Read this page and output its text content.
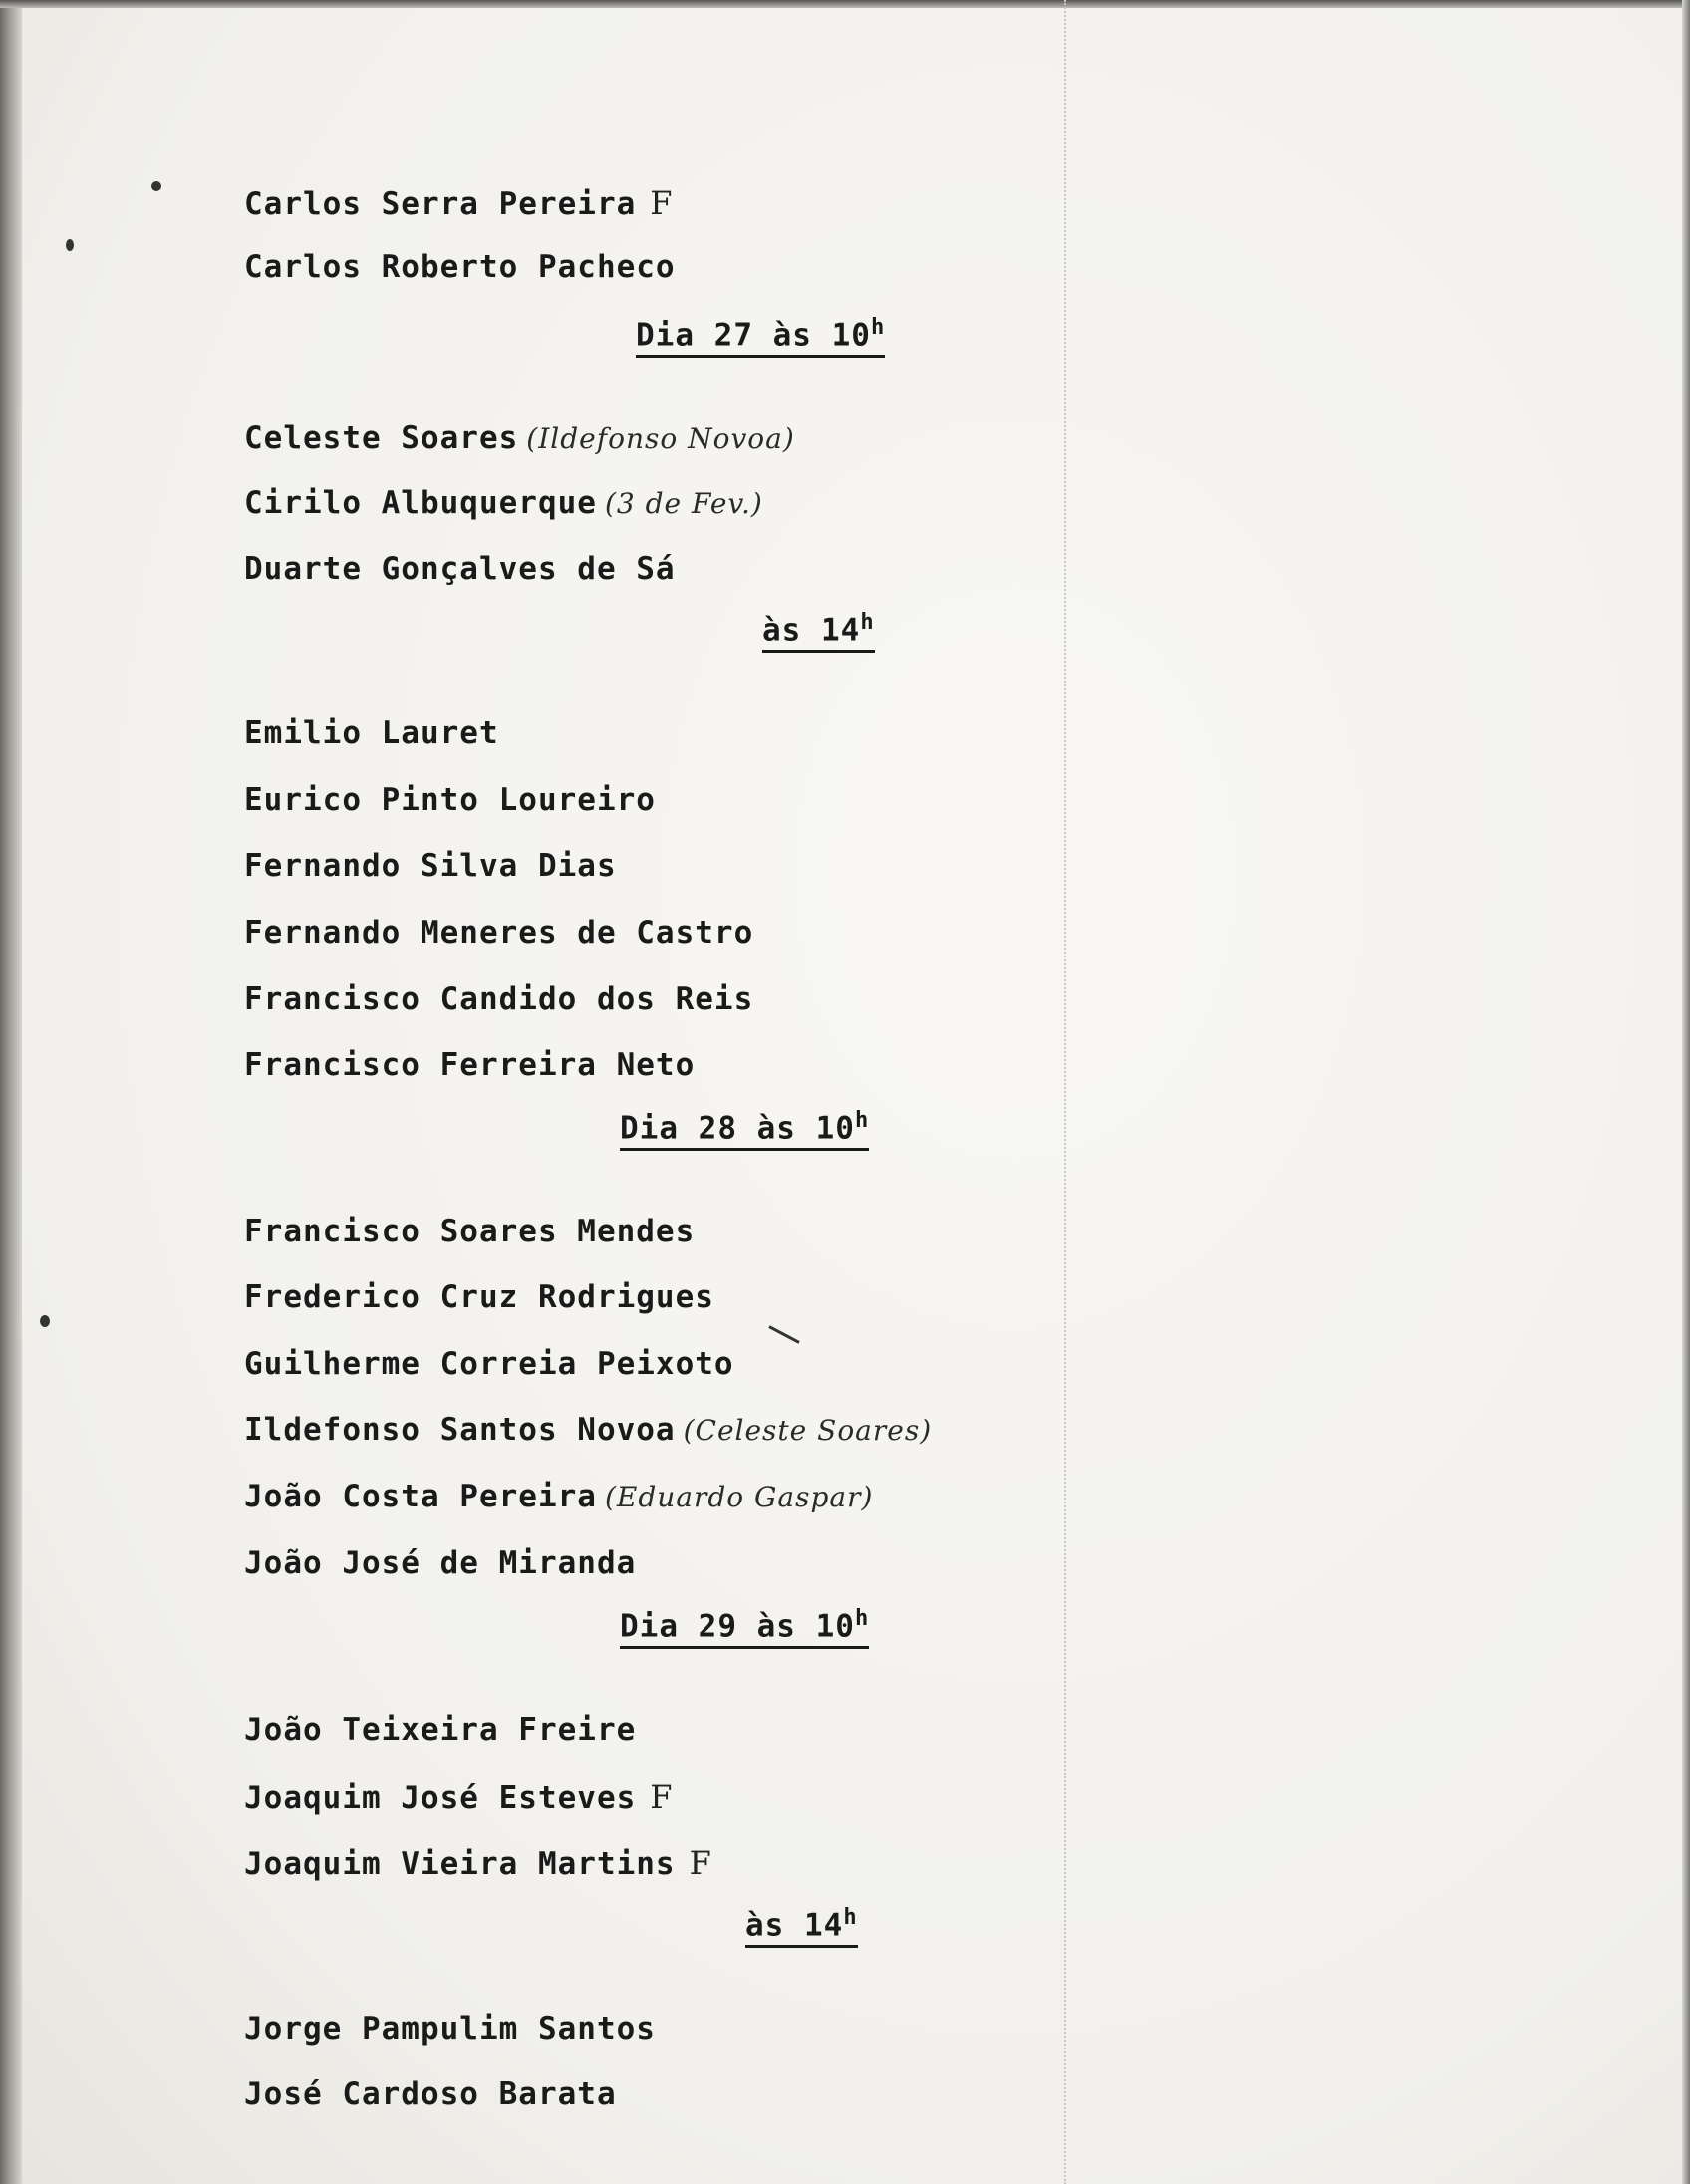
Carlos Serra Pereira F
Carlos Roberto Pacheco
Dia 27 às 10$^h$
Celeste Soares (Ildefonso Novoa)
Cirilo Albuquerque (3 de Fev.)
Duarte Gonçalves de Sá
às 14$^h$
Emilio Lauret
Eurico Pinto Loureiro
Fernando Silva Dias
Fernando Meneres de Castro
Francisco Candido dos Reis
Francisco Ferreira Neto
Dia 28 às 10$^h$
Francisco Soares Mendes
Frederico Cruz Rodrigues
Guilherme Correia Peixoto
Ildefonso Santos Novoa (Celeste Soares)
João Costa Pereira (Eduardo Gaspar)
João José de Miranda
Dia 29 às 10$^h$
João Teixeira Freire
Joaquim José Esteves F
Joaquim Vieira Martins F
às 14$^h$
Jorge Pampulim Santos
José Cardoso Barata
